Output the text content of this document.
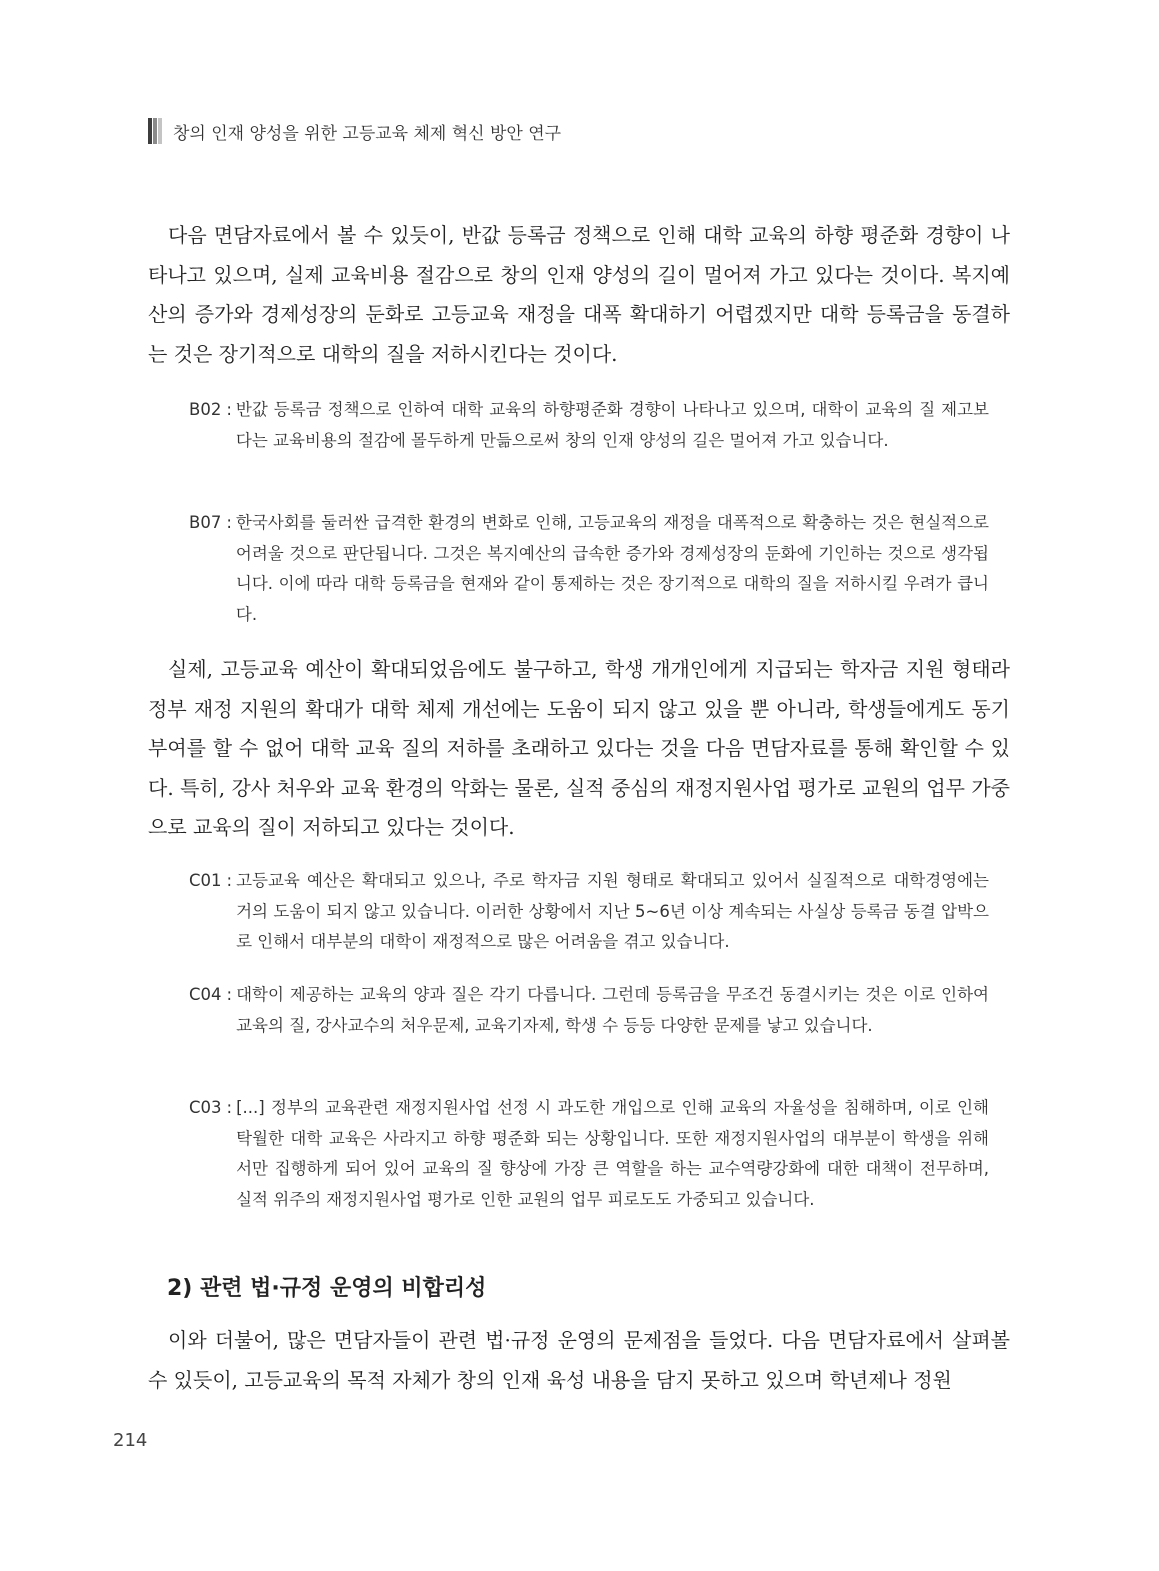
창의 인재 양성을 위한 고등교육 체제 혁신 방안 연구

다음 면담자료에서 볼 수 있듯이, 반값 등록금 정책으로 인해 대학 교육의 하향 평준화 경향이 나타나고 있으며, 실제 교육비용 절감으로 창의 인재 양성의 길이 멀어져 가고 있다는 것이다. 복지예산의 증가와 경제성장의 둔화로 고등교육 재정을 대폭 확대하기 어렵겠지만 대학 등록금을 동결하는 것은 장기적으로 대학의 질을 저하시킨다는 것이다.

B02 : 반값 등록금 정책으로 인하여 대학 교육의 하향평준화 경향이 나타나고 있으며, 대학이 교육의 질 제고보다는 교육비용의 절감에 몰두하게 만듦으로써 창의 인재 양성의 길은 멀어져 가고 있습니다.
B07 : 한국사회를 둘러싼 급격한 환경의 변화로 인해, 고등교육의 재정을 대폭적으로 확충하는 것은 현실적으로 어려울 것으로 판단됩니다. 그것은 복지예산의 급속한 증가와 경제성장의 둔화에 기인하는 것으로 생각됩니다. 이에 따라 대학 등록금을 현재와 같이 통제하는 것은 장기적으로 대학의 질을 저하시킬 우려가 큽니다.

실제, 고등교육 예산이 확대되었음에도 불구하고, 학생 개개인에게 지급되는 학자금 지원 형태라 정부 재정 지원의 확대가 대학 체제 개선에는 도움이 되지 않고 있을 뿐 아니라, 학생들에게도 동기 부여를 할 수 없어 대학 교육 질의 저하를 초래하고 있다는 것을 다음 면담자료를 통해 확인할 수 있다. 특히, 강사 처우와 교육 환경의 악화는 물론, 실적 중심의 재정지원사업 평가로 교원의 업무 가중으로 교육의 질이 저하되고 있다는 것이다.

C01 : 고등교육 예산은 확대되고 있으나, 주로 학자금 지원 형태로 확대되고 있어서 실질적으로 대학경영에는 거의 도움이 되지 않고 있습니다. 이러한 상황에서 지난 5~6년 이상 계속되는 사실상 등록금 동결 압박으로 인해서 대부분의 대학이 재정적으로 많은 어려움을 겪고 있습니다.
C04 : 대학이 제공하는 교육의 양과 질은 각기 다릅니다. 그런데 등록금을 무조건 동결시키는 것은 이로 인하여 교육의 질, 강사교수의 처우문제, 교육기자제, 학생 수 등등 다양한 문제를 낳고 있습니다.
C03 : [...] 정부의 교육관련 재정지원사업 선정 시 과도한 개입으로 인해 교육의 자율성을 침해하며, 이로 인해 탁월한 대학 교육은 사라지고 하향 평준화 되는 상황입니다. 또한 재정지원사업의 대부분이 학생을 위해서만 집행하게 되어 있어 교육의 질 향상에 가장 큰 역할을 하는 교수역량강화에 대한 대책이 전무하며, 실적 위주의 재정지원사업 평가로 인한 교원의 업무 피로도도 가중되고 있습니다.
2) 관련 법·규정 운영의 비합리성

이와 더불어, 많은 면담자들이 관련 법·규정 운영의 문제점을 들었다. 다음 면담자료에서 살펴볼 수 있듯이, 고등교육의 목적 자체가 창의 인재 육성 내용을 담지 못하고 있으며 학년제나 정원

214
